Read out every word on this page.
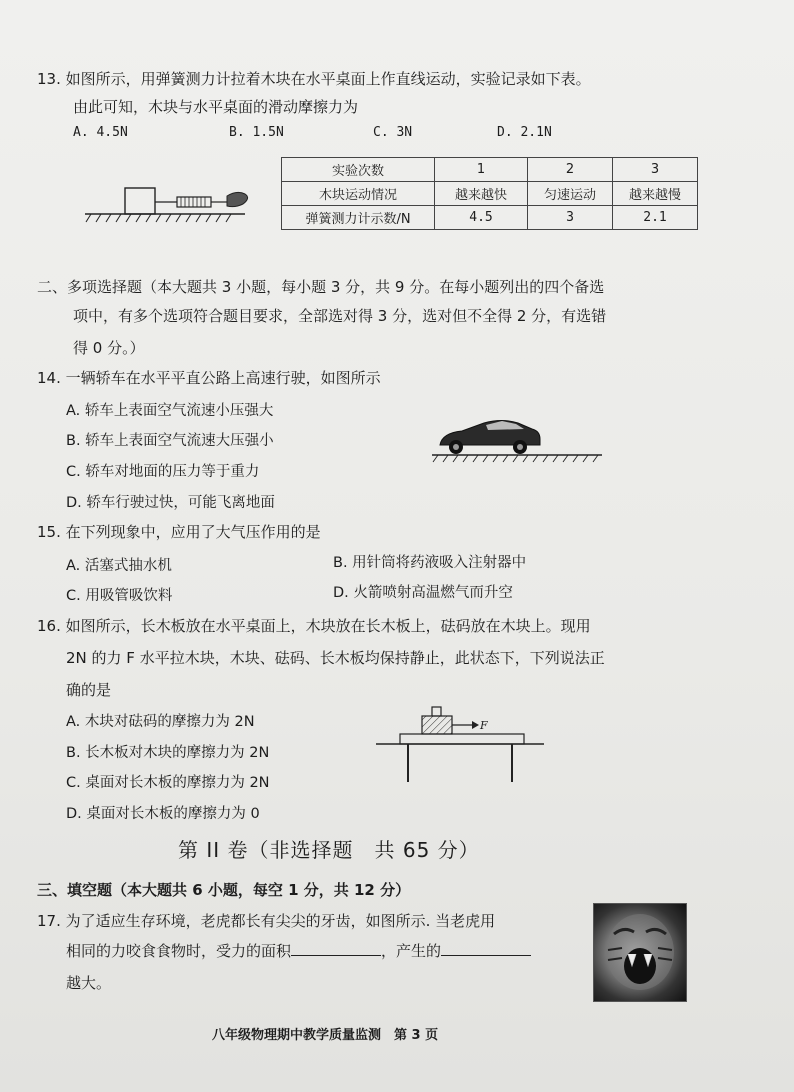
13. 如图所示，用弹簧测力计拉着木块在水平桌面上作直线运动，实验记录如下表。
由此可知，木块与水平桌面的滑动摩擦力为
A. 4.5N	B. 1.5N	C. 3N	D. 2.1N
实验次数	1	2	3
木块运动情况	越来越快	匀速运动	越来越慢
弹簧测力计示数/N	4.5	3	2.1
二、多项选择题（本大题共 3 小题，每小题 3 分，共 9 分。在每小题列出的四个备选
项中，有多个选项符合题目要求，全部选对得 3 分，选对但不全得 2 分，有选错
得 0 分。）
14. 一辆轿车在水平平直公路上高速行驶，如图所示
A. 轿车上表面空气流速小压强大
B. 轿车上表面空气流速大压强小
C. 轿车对地面的压力等于重力
D. 轿车行驶过快，可能飞离地面
15. 在下列现象中，应用了大气压作用的是
A. 活塞式抽水机	B. 用针筒将药液吸入注射器中
C. 用吸管吸饮料	D. 火箭喷射高温燃气而升空
16. 如图所示，长木板放在水平桌面上，木块放在长木板上，砝码放在木块上。现用
2N 的力 F 水平拉木块，木块、砝码、长木板均保持静止，此状态下，下列说法正
确的是
A. 木块对砝码的摩擦力为 2N
B. 长木板对木块的摩擦力为 2N
C. 桌面对长木板的摩擦力为 2N
D. 桌面对长木板的摩擦力为 0
F
第 II 卷（非选择题　共 65 分）
三、填空题（本大题共 6 小题，每空 1 分，共 12 分）
17. 为了适应生存环境，老虎都长有尖尖的牙齿，如图所示. 当老虎用
相同的力咬食食物时，受力的面积	，产生的
越大。
八年级物理期中教学质量监测　第 3 页
